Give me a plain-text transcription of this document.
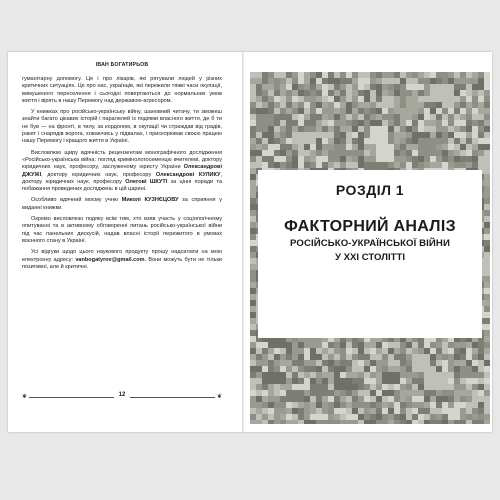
ІВАН БОГАТИРЬОВ

гуманітарну допомогу. Це і про лікарів, які рятували людей у різних критичних ситуаціях. Це про нас, українців, які пережили тяжкі часи окупації, вимушеного переселення і сьогодні повертаються до нормальних умов життя і вірять в нашу Перемогу над державою-агресором.

У книжках про російсько-українську війну, шановний читачу, ти зможеш знайти багато цікавих історій і паралелей із подіями власного життя, де б ти не був — на фронті, в тилу, за кордоном, в окупації чи страждав від градів, ракет і снарядів ворога, ховаючись у підвалах, і прискорював своєю працею нашу Перемогу і кращого життя в Україні.

Висловлюю щиру вдячність рецензентам монографічного дослідження «Російсько-українська війна: погляд кримінологосеменцю вчителеві, доктору юридичних наук, професору, заслуженому юристу України Олександрові ДЖУЖІ, доктору юридичних наук, професору Олександрові КУЛИКУ, доктору юридичних наук, професору Олегові ШКУТІ за цінні поради та побажання проведених досліджень в цій царині.

Особливо вдячний моєму учню Миколі КУЗНЄЦОВУ за сприяння у виданні книжки.

Окремо висловлюю подяку всім тим, хто взяв участь у соціологічному опитуванні та в активному обговоренні питань російсько-української війни під час панельних дискусій, надав власні історії пережитого в умовах воєнного стану в Україні.

Усі відгуки щодо цього наукового продукту прошу надсилати на мою електронну адресу: vanbogatyrov@gmail.com. Вони можуть бути не тільки позитивні, але й критичні.

❦	12	❦
РОЗДІЛ 1
ФАКТОРНИЙ АНАЛІЗ
РОСІЙСЬКО-УКРАЇНСЬКОЇ ВІЙНИ
У XXI СТОЛІТТІ
